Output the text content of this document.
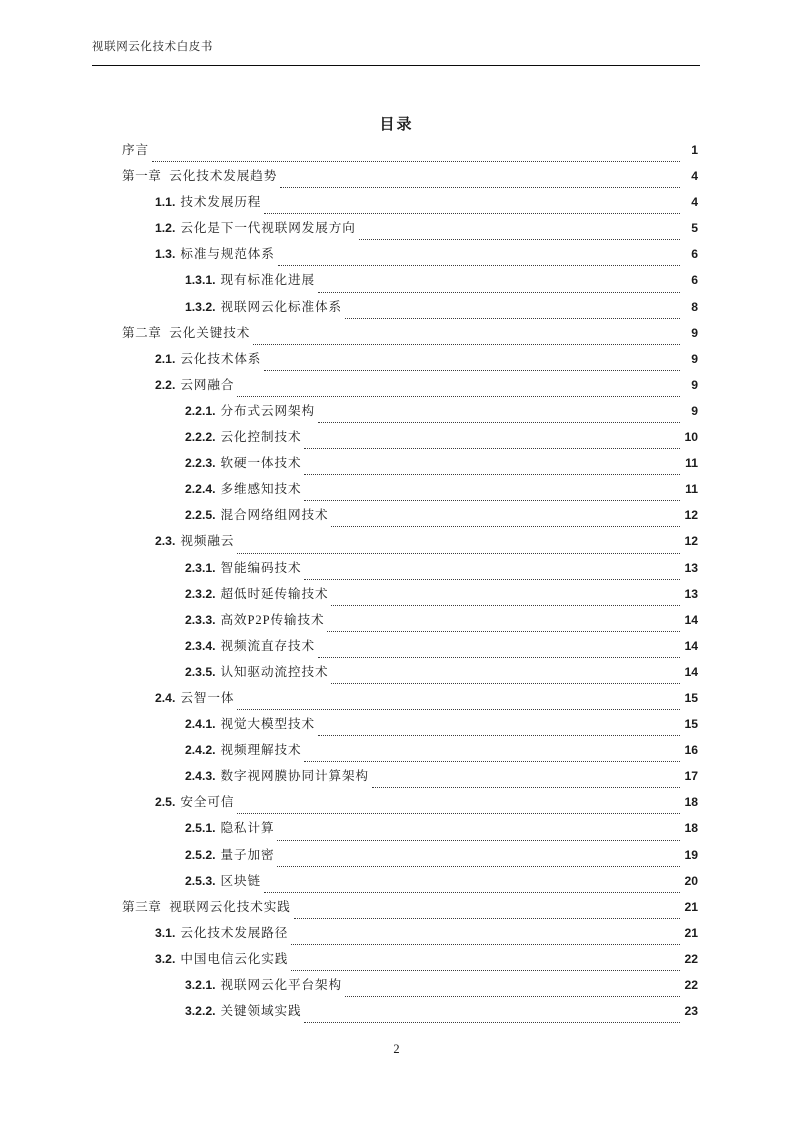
视联网云化技术白皮书
目录
序言	1
第一章 云化技术发展趋势	4
1.1. 技术发展历程	4
1.2. 云化是下一代视联网发展方向	5
1.3. 标准与规范体系	6
1.3.1. 现有标准化进展	6
1.3.2. 视联网云化标准体系	8
第二章 云化关键技术	9
2.1. 云化技术体系	9
2.2. 云网融合	9
2.2.1. 分布式云网架构	9
2.2.2. 云化控制技术	10
2.2.3. 软硬一体技术	11
2.2.4. 多维感知技术	11
2.2.5. 混合网络组网技术	12
2.3. 视频融云	12
2.3.1. 智能编码技术	13
2.3.2. 超低时延传输技术	13
2.3.3. 高效P2P传输技术	14
2.3.4. 视频流直存技术	14
2.3.5. 认知驱动流控技术	14
2.4. 云智一体	15
2.4.1. 视觉大模型技术	15
2.4.2. 视频理解技术	16
2.4.3. 数字视网膜协同计算架构	17
2.5. 安全可信	18
2.5.1. 隐私计算	18
2.5.2. 量子加密	19
2.5.3. 区块链	20
第三章 视联网云化技术实践	21
3.1. 云化技术发展路径	21
3.2. 中国电信云化实践	22
3.2.1. 视联网云化平台架构	22
3.2.2. 关键领域实践	23
2
